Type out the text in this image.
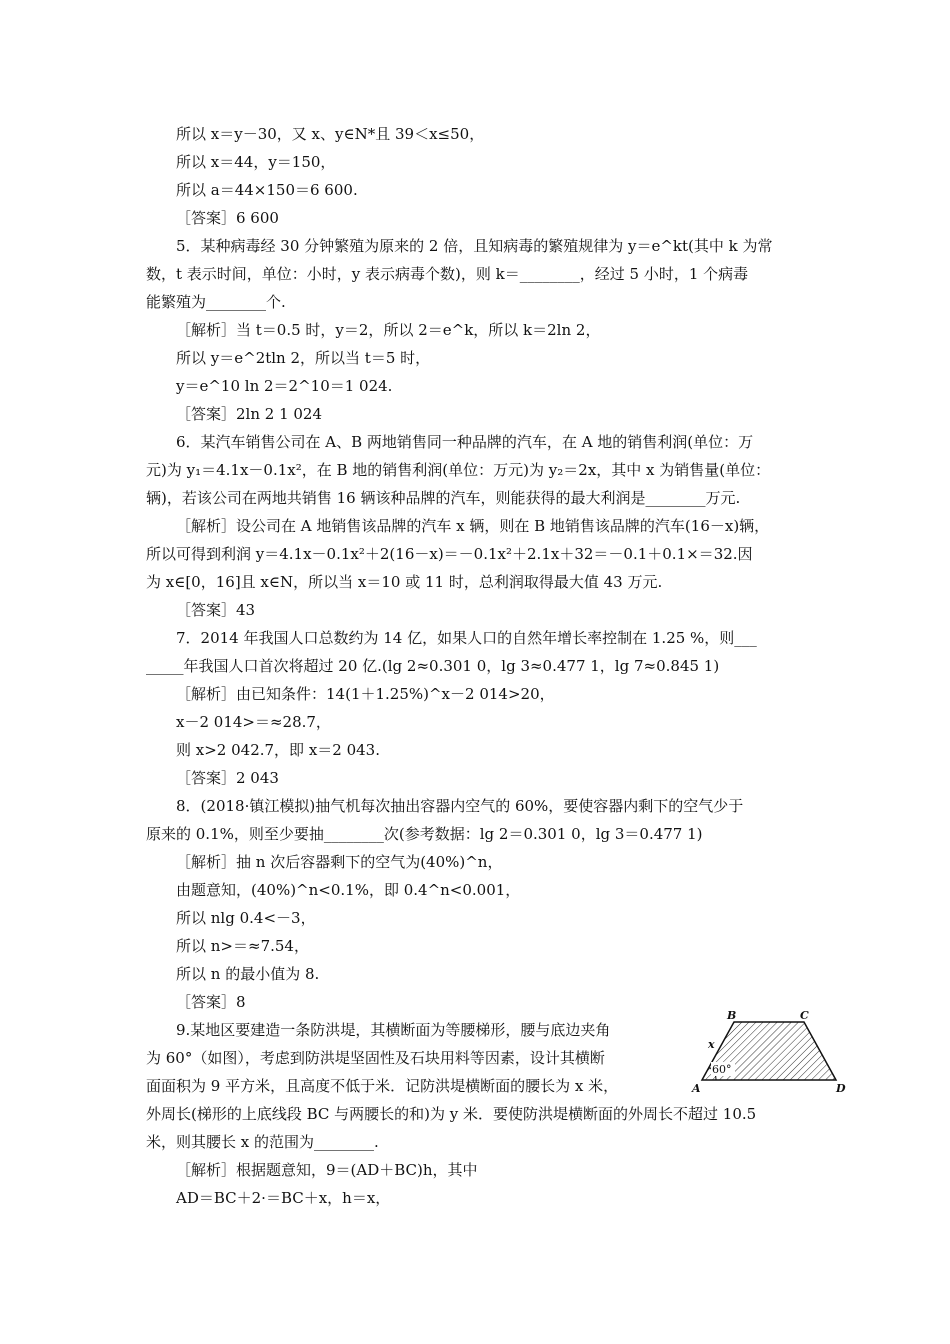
所以 x＝y－30，又 x、y∈N*且 39＜x≤50，
所以 x＝44，y＝150，
所以 a＝44×150＝6 600.
［答案］6 600
5．某种病毒经 30 分钟繁殖为原来的 2 倍，且知病毒的繁殖规律为 y＝e^kt(其中 k 为常
数，t 表示时间，单位：小时，y 表示病毒个数)，则 k＝________，经过 5 小时，1 个病毒
能繁殖为________个.
［解析］当 t＝0.5 时，y＝2，所以 2＝e^k，所以 k＝2ln 2，
所以 y＝e^2tln 2，所以当 t＝5 时，
y＝e^10 ln 2＝2^10＝1 024.
［答案］2ln 2 1 024
6．某汽车销售公司在 A、B 两地销售同一种品牌的汽车，在 A 地的销售利润(单位：万
元)为 y₁＝4.1x－0.1x²，在 B 地的销售利润(单位：万元)为 y₂＝2x，其中 x 为销售量(单位：
辆)，若该公司在两地共销售 16 辆该种品牌的汽车，则能获得的最大利润是________万元.
［解析］设公司在 A 地销售该品牌的汽车 x 辆，则在 B 地销售该品牌的汽车(16－x)辆，
所以可得到利润 y＝4.1x－0.1x²＋2(16－x)＝－0.1x²＋2.1x＋32＝－0.1＋0.1×＝32.因
为 x∈[0，16]且 x∈N，所以当 x＝10 或 11 时，总利润取得最大值 43 万元.
［答案］43
7．2014 年我国人口总数约为 14 亿，如果人口的自然年增长率控制在 1.25 %，则___
_____年我国人口首次将超过 20 亿.(lg 2≈0.301 0，lg 3≈0.477 1，lg 7≈0.845 1)
［解析］由已知条件：14(1＋1.25%)^x－2 014>20，
x－2 014>＝≈28.7，
则 x>2 042.7，即 x＝2 043.
［答案］2 043
8．(2018·镇江模拟)抽气机每次抽出容器内空气的 60%，要使容器内剩下的空气少于
原来的 0.1%，则至少要抽________次(参考数据：lg 2＝0.301 0，lg 3＝0.477 1)
［解析］抽 n 次后容器剩下的空气为(40%)^n，
由题意知，(40%)^n<0.1%，即 0.4^n<0.001，
所以 nlg 0.4<－3，
所以 n>＝≈7.54，
所以 n 的最小值为 8.
［答案］8
9.某地区要建造一条防洪堤，其横断面为等腰梯形，腰与底边夹角
为 60°（如图），考虑到防洪堤坚固性及石块用料等因素，设计其横断
面面积为 9 平方米，且高度不低于米．记防洪堤横断面的腰长为 x 米，
外周长(梯形的上底线段 BC 与两腰长的和)为 y 米．要使防洪堤横断面的外周长不超过 10.5
米，则其腰长 x 的范围为________.
［解析］根据题意知，9＝(AD＋BC)h，其中
AD＝BC＋2·＝BC＋x，h＝x，
60°
B	C
A	D
x
